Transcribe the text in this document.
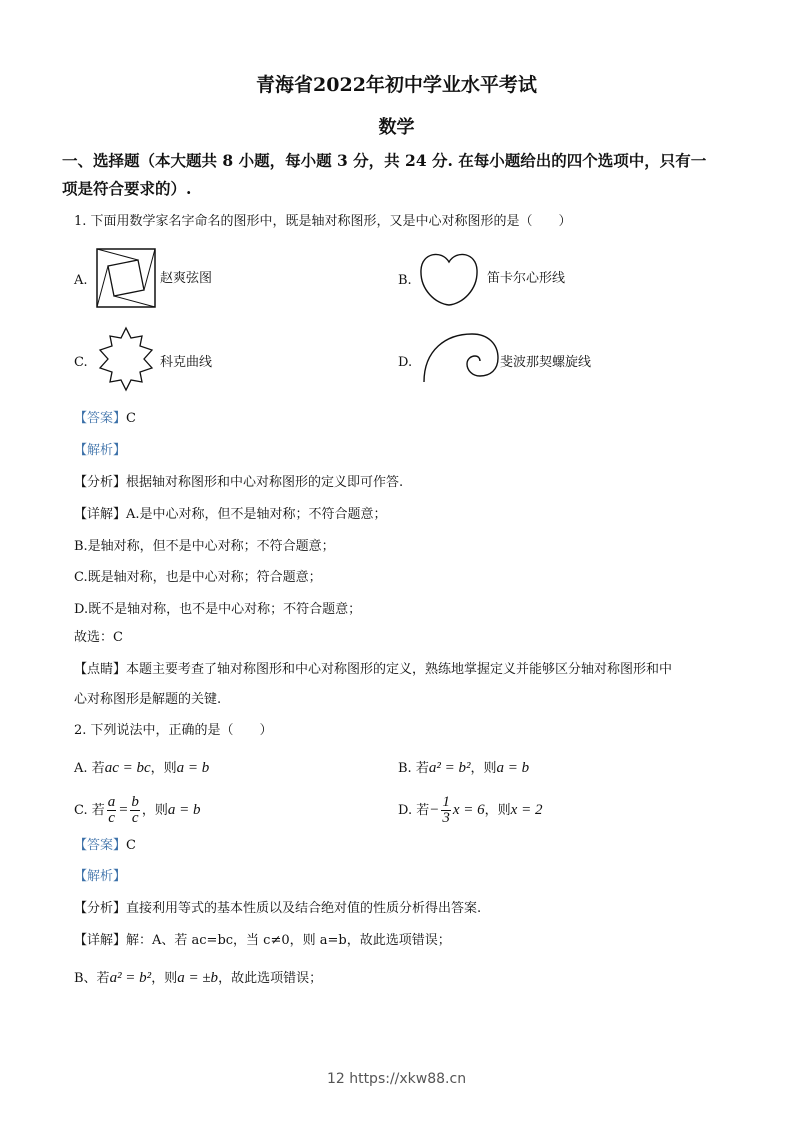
青海省2022年初中学业水平考试
数学
一、选择题（本大题共 8 小题，每小题 3 分，共 24 分. 在每小题给出的四个选项中，只有一
项是符合要求的）.
1. 下面用数学家名字命名的图形中，既是轴对称图形，又是中心对称图形的是（　　）
A.	赵爽弦图	B.	笛卡尔心形线
C.	科克曲线	D.	斐波那契螺旋线
【答案】C
【解析】
【分析】根据轴对称图形和中心对称图形的定义即可作答.
【详解】A.是中心对称，但不是轴对称；不符合题意；
B.是轴对称，但不是中心对称；不符合题意；
C.既是轴对称，也是中心对称；符合题意；
D.既不是轴对称，也不是中心对称；不符合题意；
故选：C
【点睛】本题主要考查了轴对称图形和中心对称图形的定义，熟练地掌握定义并能够区分轴对称图形和中
心对称图形是解题的关键.
2. 下列说法中，正确的是（　　）
A. 若ac = bc，则a = b	B. 若a² = b²，则a = b
C. 若 $\frac{a}{c} = \frac{b}{c}$ ，则a = b	D. 若− $\frac{1}{3}$ x = 6，则x = 2
【答案】C
【解析】
【分析】直接利用等式的基本性质以及结合绝对值的性质分析得出答案.
【详解】解：A、若 ac=bc，当 c≠0，则 a=b，故此选项错误；
B、若a² = b²，则a = ±b，故此选项错误；
12 https://xkw88.cn
